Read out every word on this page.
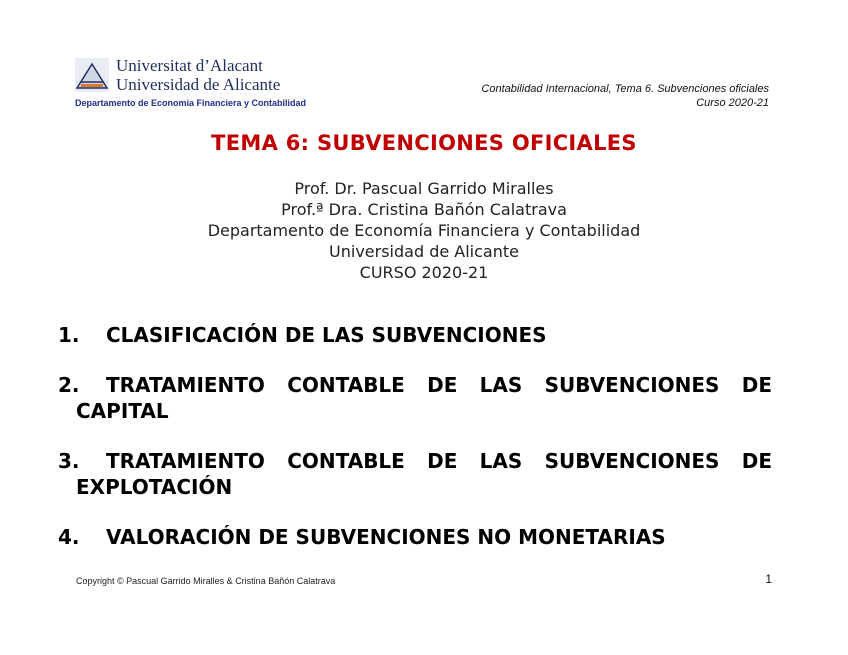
Universitat d’Alacant
Universidad de Alicante
Departamento de Economía Financiera y Contabilidad
Contabilidad Internacional, Tema 6. Subvenciones oficiales
Curso 2020-21
TEMA 6: SUBVENCIONES OFICIALES
Prof. Dr. Pascual Garrido Miralles
Prof.ª Dra. Cristina Bañón Calatrava
Departamento de Economía Financiera y Contabilidad
Universidad de Alicante
CURSO 2020-21
1. CLASIFICACIÓN DE LAS SUBVENCIONES
2.	TRATAMIENTO CONTABLE DE LAS SUBVENCIONES DE
CAPITAL
3.	TRATAMIENTO CONTABLE DE LAS SUBVENCIONES DE
EXPLOTACIÓN
4. VALORACIÓN DE SUBVENCIONES NO MONETARIAS
Copyright © Pascual Garrido Miralles & Cristina Bañón Calatrava	1
